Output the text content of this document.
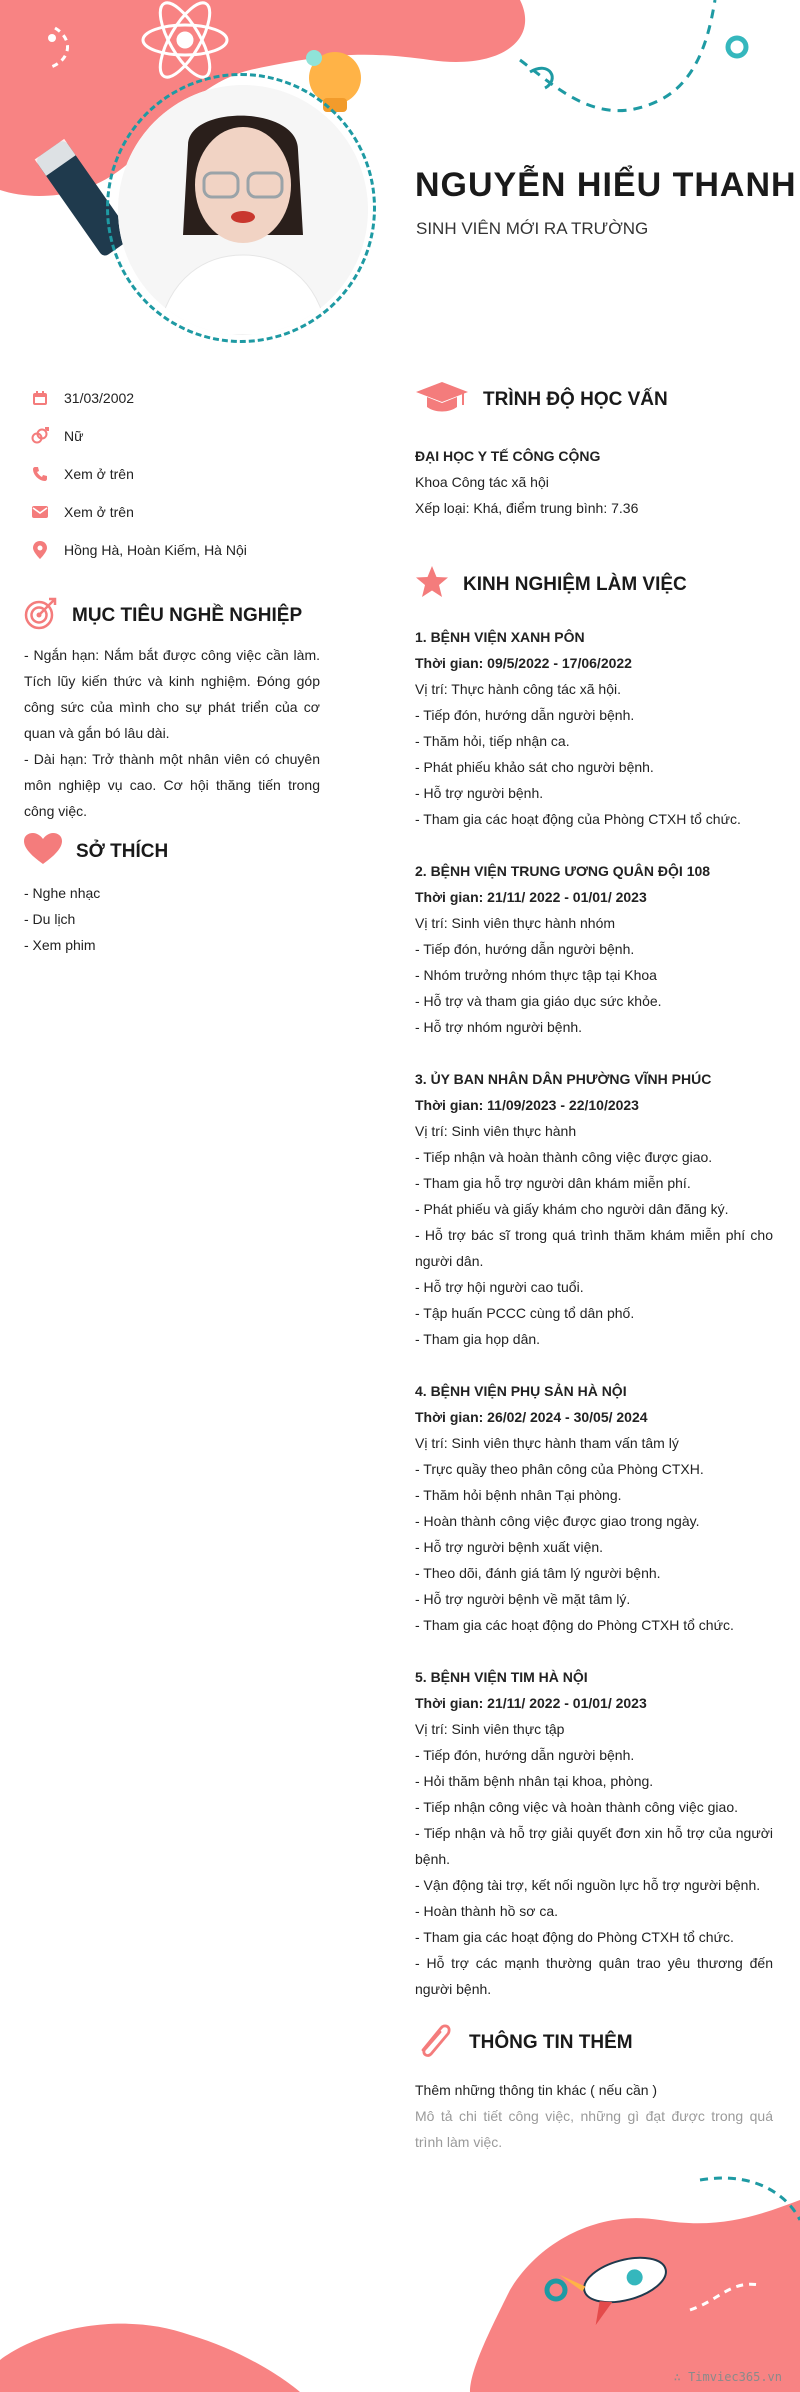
NGUYỄN HIỂU THANH
SINH VIÊN MỚI RA TRƯỜNG
31/03/2002
Nữ
Xem ở trên
Xem ở trên
Hồng Hà, Hoàn Kiếm, Hà Nội
MỤC TIÊU NGHỀ NGHIỆP
- Ngắn hạn: Nắm bắt được công việc cần làm. Tích lũy kiến thức và kinh nghiệm. Đóng góp công sức của mình cho sự phát triển của cơ quan và gắn bó lâu dài.
- Dài hạn: Trở thành một nhân viên có chuyên môn nghiệp vụ cao. Cơ hội thăng tiến trong công việc.
SỞ THÍCH
- Nghe nhạc
- Du lịch
- Xem phim
TRÌNH ĐỘ HỌC VẤN
ĐẠI HỌC Y TẾ CÔNG CỘNG
Khoa Công tác xã hội
Xếp loại: Khá, điểm trung bình: 7.36
KINH NGHIỆM LÀM VIỆC
1. BỆNH VIỆN XANH PÔN
Thời gian: 09/5/2022 - 17/06/2022
Vị trí: Thực hành công tác xã hội.
- Tiếp đón, hướng dẫn người bệnh.
- Thăm hỏi, tiếp nhận ca.
- Phát phiếu khảo sát cho người bệnh.
- Hỗ trợ người bệnh.
- Tham gia các hoạt động của Phòng CTXH tổ chức.
2. BỆNH VIỆN TRUNG ƯƠNG QUÂN ĐỘI 108
Thời gian: 21/11/ 2022 - 01/01/ 2023
Vị trí: Sinh viên thực hành nhóm
- Tiếp đón, hướng dẫn người bệnh.
- Nhóm trưởng nhóm thực tập tại Khoa
- Hỗ trợ và tham gia giáo dục sức khỏe.
- Hỗ trợ nhóm người bệnh.
3. ỦY BAN NHÂN DÂN PHƯỜNG VĨNH PHÚC
Thời gian: 11/09/2023 - 22/10/2023
Vị trí: Sinh viên thực hành
- Tiếp nhận và hoàn thành công việc được giao.
- Tham gia hỗ trợ người dân khám miễn phí.
- Phát phiếu và giấy khám cho người dân đăng ký.
- Hỗ trợ bác sĩ trong quá trình thăm khám miễn phí cho người dân.
- Hỗ trợ hội người cao tuổi.
- Tập huấn PCCC cùng tổ dân phố.
- Tham gia họp dân.
4. BỆNH VIỆN PHỤ SẢN HÀ NỘI
Thời gian: 26/02/ 2024 - 30/05/ 2024
Vị trí: Sinh viên thực hành tham vấn tâm lý
- Trực quầy theo phân công của Phòng CTXH.
- Thăm hỏi bệnh nhân Tại phòng.
- Hoàn thành công việc được giao trong ngày.
- Hỗ trợ người bệnh xuất viện.
- Theo dõi, đánh giá tâm lý người bệnh.
- Hỗ trợ người bệnh về mặt tâm lý.
- Tham gia các hoạt động do Phòng CTXH tổ chức.
5. BỆNH VIỆN TIM HÀ NỘI
Thời gian: 21/11/ 2022 - 01/01/ 2023
Vị trí: Sinh viên thực tập
- Tiếp đón, hướng dẫn người bệnh.
- Hỏi thăm bệnh nhân tại khoa, phòng.
- Tiếp nhận công việc và hoàn thành công việc giao.
- Tiếp nhận và hỗ trợ giải quyết đơn xin hỗ trợ của người bệnh.
- Vận động tài trợ, kết nối nguồn lực hỗ trợ người bệnh.
- Hoàn thành hồ sơ ca.
- Tham gia các hoạt động do Phòng CTXH tổ chức.
- Hỗ trợ các mạnh thường quân trao yêu thương đến người bệnh.
THÔNG TIN THÊM
Thêm những thông tin khác ( nếu cần )
Mô tả chi tiết công việc, những gì đạt được trong quá trình làm việc.
∴ Timviec365.vn
